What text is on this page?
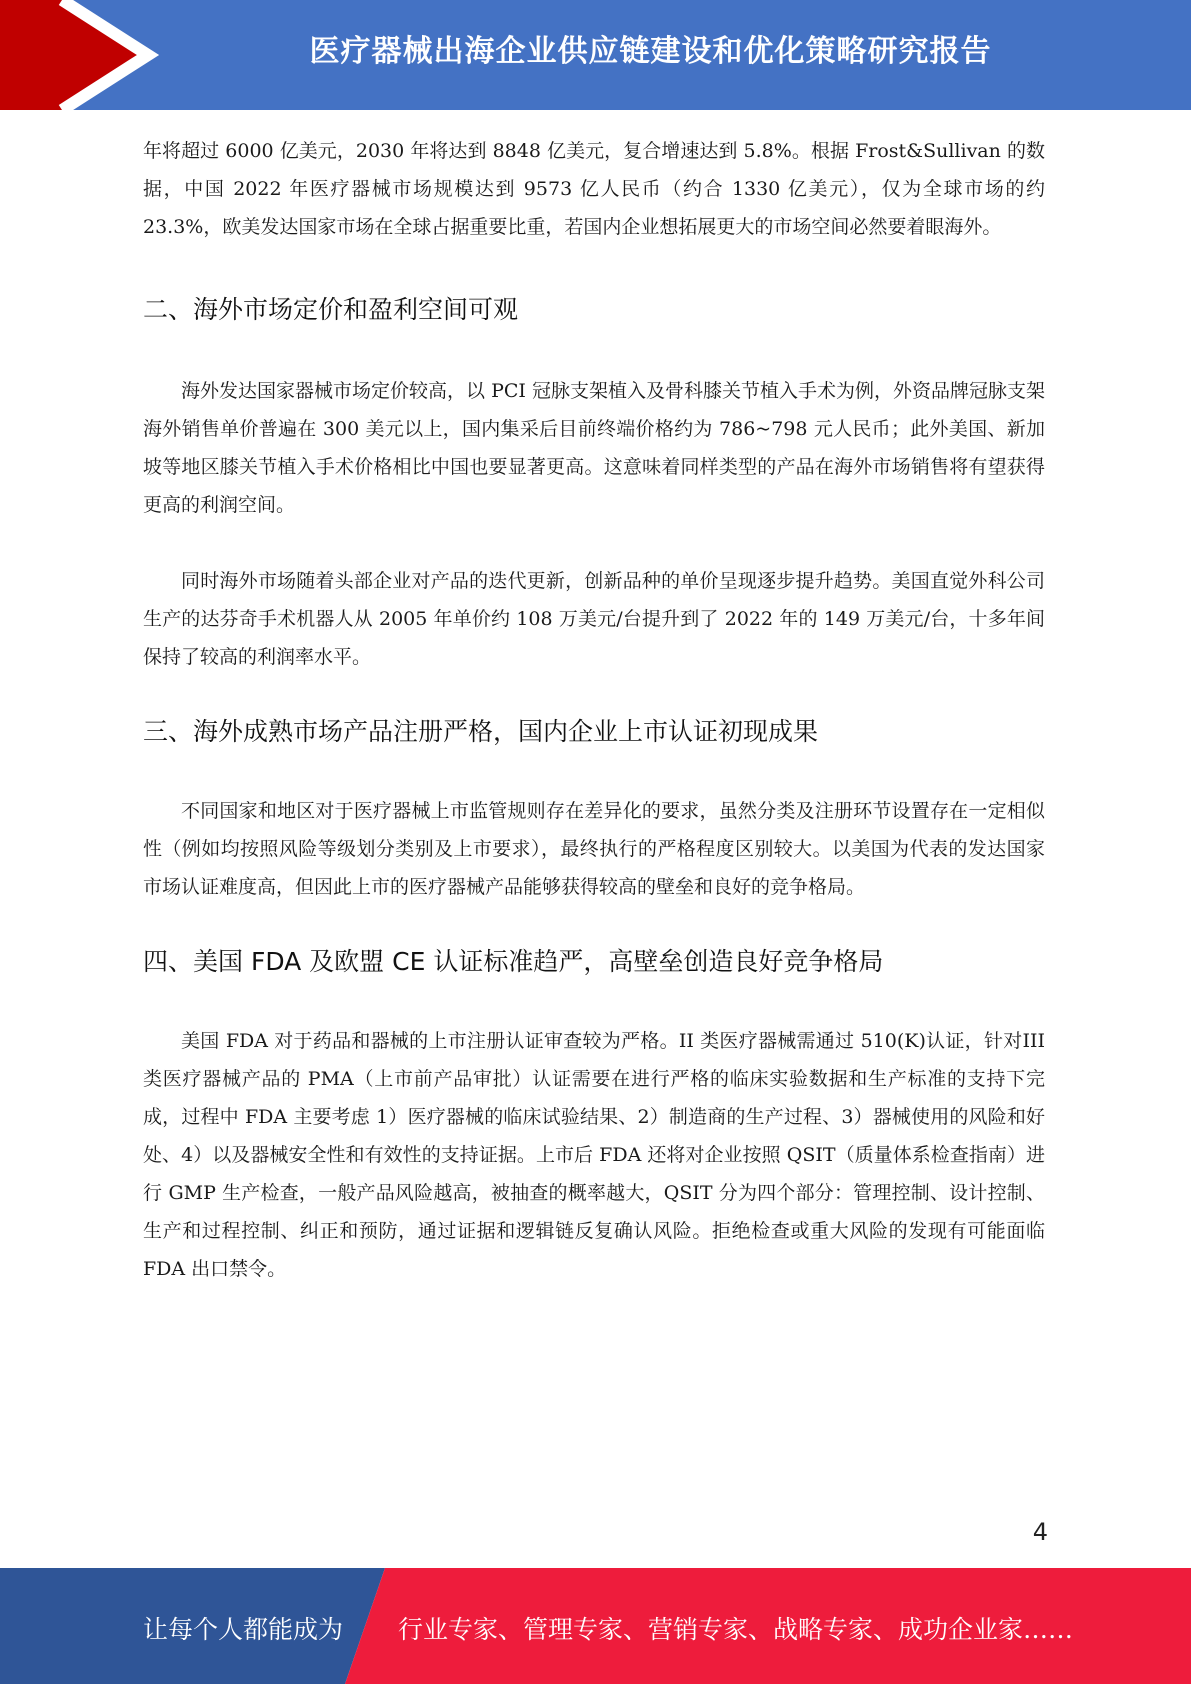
医疗器械出海企业供应链建设和优化策略研究报告

年将超过 6000 亿美元，2030 年将达到 8848 亿美元，复合增速达到 5.8%。根据 Frost&Sullivan 的数据，中国 2022 年医疗器械市场规模达到 9573 亿人民币（约合 1330 亿美元），仅为全球市场的约 23.3%，欧美发达国家市场在全球占据重要比重，若国内企业想拓展更大的市场空间必然要着眼海外。

二、海外市场定价和盈利空间可观

海外发达国家器械市场定价较高，以 PCI 冠脉支架植入及骨科膝关节植入手术为例，外资品牌冠脉支架海外销售单价普遍在 300 美元以上，国内集采后目前终端价格约为 786~798 元人民币；此外美国、新加坡等地区膝关节植入手术价格相比中国也要显著更高。这意味着同样类型的产品在海外市场销售将有望获得更高的利润空间。

同时海外市场随着头部企业对产品的迭代更新，创新品种的单价呈现逐步提升趋势。美国直觉外科公司生产的达芬奇手术机器人从 2005 年单价约 108 万美元/台提升到了 2022 年的 149 万美元/台，十多年间保持了较高的利润率水平。

三、海外成熟市场产品注册严格，国内企业上市认证初现成果

不同国家和地区对于医疗器械上市监管规则存在差异化的要求，虽然分类及注册环节设置存在一定相似性（例如均按照风险等级划分类别及上市要求），最终执行的严格程度区别较大。以美国为代表的发达国家市场认证难度高，但因此上市的医疗器械产品能够获得较高的壁垒和良好的竞争格局。

四、美国 FDA 及欧盟 CE 认证标准趋严，高壁垒创造良好竞争格局

美国 FDA 对于药品和器械的上市注册认证审查较为严格。II 类医疗器械需通过 510(K)认证，针对III类医疗器械产品的 PMA（上市前产品审批）认证需要在进行严格的临床实验数据和生产标准的支持下完成，过程中 FDA 主要考虑 1）医疗器械的临床试验结果、2）制造商的生产过程、3）器械使用的风险和好处、4）以及器械安全性和有效性的支持证据。上市后 FDA 还将对企业按照 QSIT（质量体系检查指南）进行 GMP 生产检查，一般产品风险越高，被抽查的概率越大，QSIT 分为四个部分：管理控制、设计控制、生产和过程控制、纠正和预防，通过证据和逻辑链反复确认风险。拒绝检查或重大风险的发现有可能面临 FDA 出口禁令。

4
让每个人都能成为 行业专家、管理专家、营销专家、战略专家、成功企业家……
